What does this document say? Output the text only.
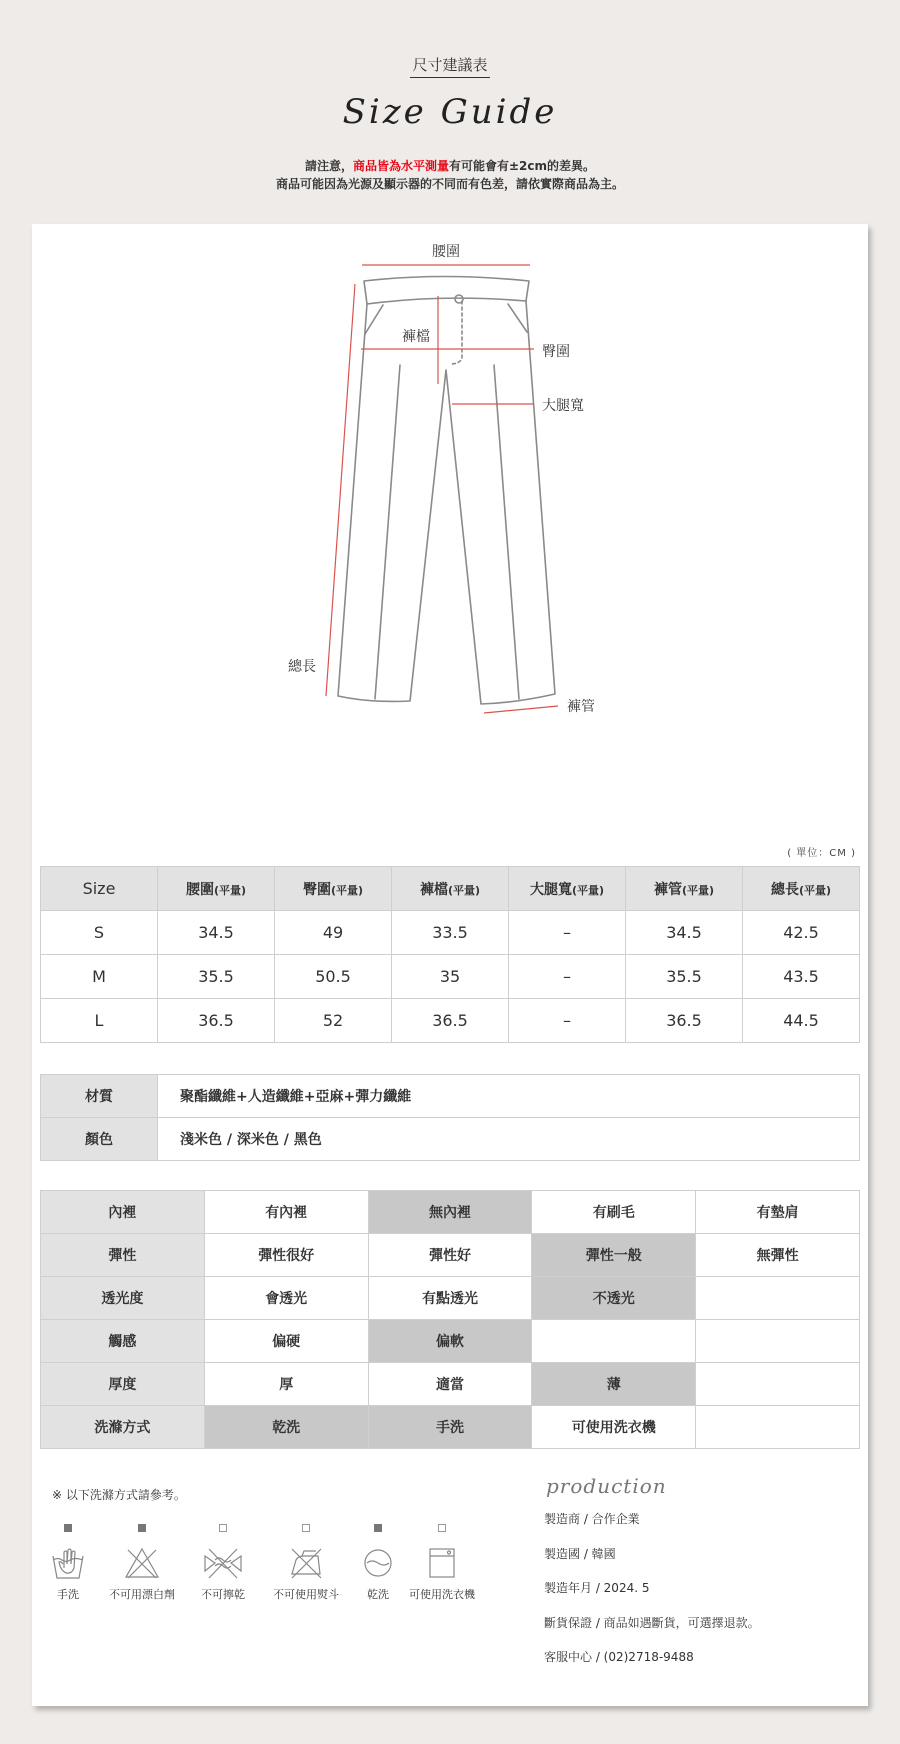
尺寸建議表
Size Guide
請注意，商品皆為水平測量有可能會有±2cm的差異。
商品可能因為光源及顯示器的不同而有色差，請依實際商品為主。
腰圍
褲檔
臀圍
大腿寬
總長
褲管
( 單位：CM )
Size	腰圍(平量)	臀圍(平量)	褲檔(平量)	大腿寬(平量)	褲管(平量)	總長(平量)
S	34.5	49	33.5	–	34.5	42.5
M	35.5	50.5	35	–	35.5	43.5
L	36.5	52	36.5	–	36.5	44.5
材質	聚酯纖維+人造纖維+亞麻+彈力纖維
顏色	淺米色 / 深米色 / 黑色
內裡	有內裡	無內裡	有刷毛	有墊肩
彈性	彈性很好	彈性好	彈性一般	無彈性
透光度	會透光	有點透光	不透光	
觸感	偏硬	偏軟		
厚度	厚	適當	薄	
洗滌方式	乾洗	手洗	可使用洗衣機	
※ 以下洗滌方式請參考。
手洗	不可用漂白劑	不可擰乾	不可使用熨斗	乾洗	可使用洗衣機
production
製造商 / 合作企業
製造國 / 韓國
製造年月 / 2024. 5
斷貨保證 / 商品如遇斷貨，可選擇退款。
客服中心 / (02)2718-9488
